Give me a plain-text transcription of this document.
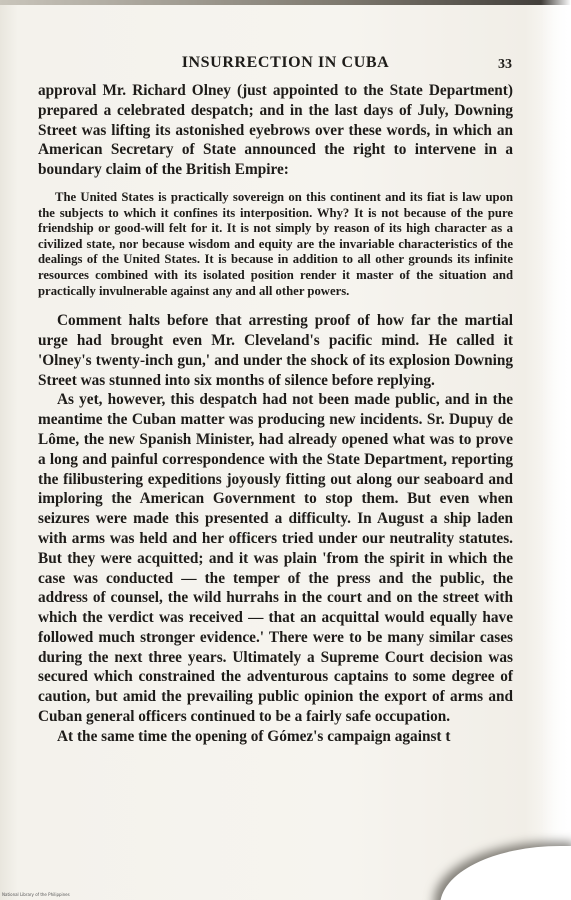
INSURRECTION IN CUBA	33

approval Mr. Richard Olney (just appointed to the State Department) prepared a celebrated despatch; and in the last days of July, Downing Street was lifting its astonished eyebrows over these words, in which an American Secretary of State announced the right to intervene in a boundary claim of the British Empire:

The United States is practically sovereign on this continent and its fiat is law upon the subjects to which it confines its interposition. Why? It is not because of the pure friendship or good-will felt for it. It is not simply by reason of its high character as a civilized state, nor because wisdom and equity are the invariable characteristics of the dealings of the United States. It is because in addition to all other grounds its infinite resources combined with its isolated position render it master of the situation and practically invulnerable against any and all other powers.

Comment halts before that arresting proof of how far the martial urge had brought even Mr. Cleveland's pacific mind. He called it 'Olney's twenty-inch gun,' and under the shock of its explosion Downing Street was stunned into six months of silence before replying.

As yet, however, this despatch had not been made public, and in the meantime the Cuban matter was producing new incidents. Sr. Dupuy de Lôme, the new Spanish Minister, had already opened what was to prove a long and painful correspondence with the State Department, reporting the filibustering expeditions joyously fitting out along our seaboard and imploring the American Government to stop them. But even when seizures were made this presented a difficulty. In August a ship laden with arms was held and her officers tried under our neutrality statutes. But they were acquitted; and it was plain 'from the spirit in which the case was conducted — the temper of the press and the public, the address of counsel, the wild hurrahs in the court and on the street with which the verdict was received — that an acquittal would equally have followed much stronger evidence.' There were to be many similar cases during the next three years. Ultimately a Supreme Court decision was secured which constrained the adventurous captains to some degree of caution, but amid the prevailing public opinion the export of arms and Cuban general officers continued to be a fairly safe occupation.

At the same time the opening of Gómez's campaign against t

National Library of the Philippines
